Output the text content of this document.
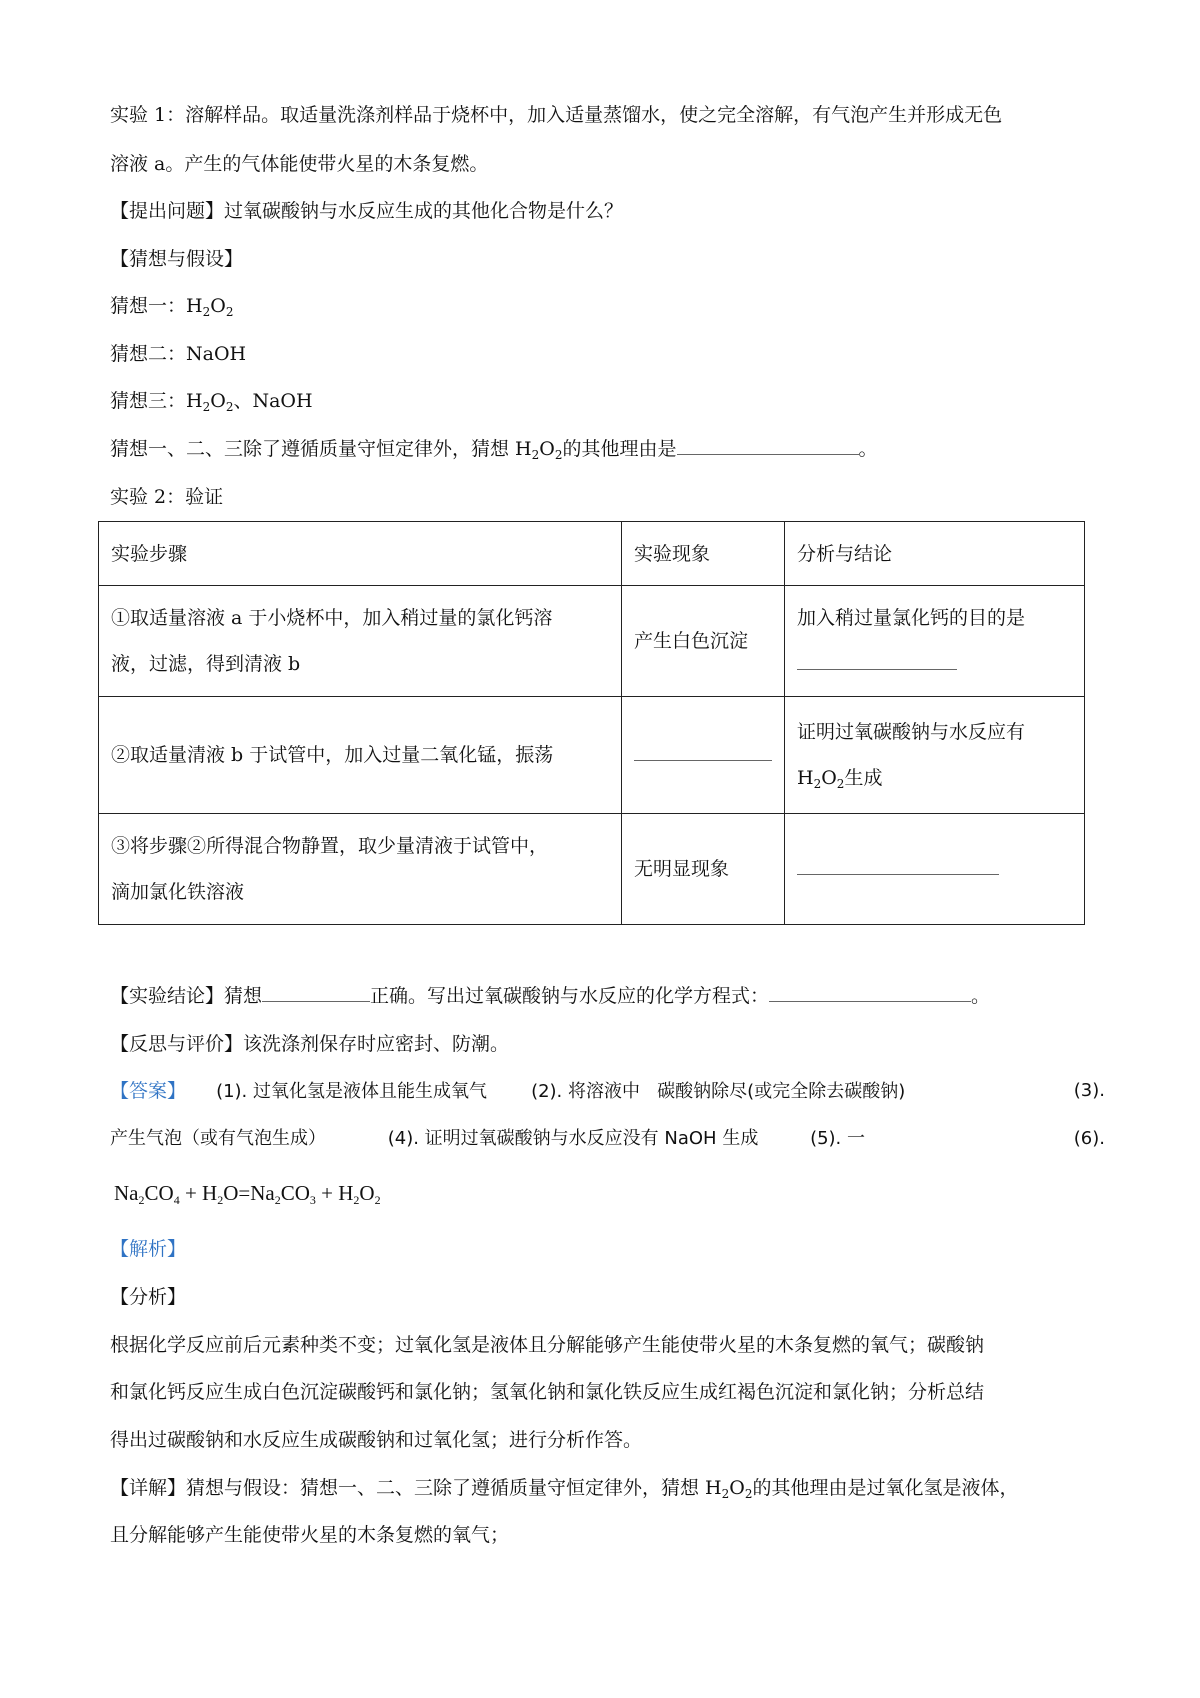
实验 1：溶解样品。取适量洗涤剂样品于烧杯中，加入适量蒸馏水，使之完全溶解，有气泡产生并形成无色
溶液 a。产生的气体能使带火星的木条复燃。
【提出问题】过氧碳酸钠与水反应生成的其他化合物是什么？
【猜想与假设】
猜想一：$H_2O_2$
猜想二：NaOH
猜想三：$H_2O_2$、NaOH
猜想一、二、三除了遵循质量守恒定律外，猜想 $H_2O_2$的其他理由是	。
实验 2：验证
实验步骤	实验现象	分析与结论

①取适量溶液 a 于小烧杯中，加入稍过量的氯化钙溶
液，过滤，得到清液 b	产生白色沉淀	加入稍过量氯化钙的目的是

②取适量清液 b 于试管中，加入过量二氧化锰，振荡		证明过氧碳酸钠与水反应有
$H_2O_2$生成

③将步骤②所得混合物静置，取少量清液于试管中，
滴加氯化铁溶液	无明显现象	
【实验结论】猜想	正确。写出过氧碳酸钠与水反应的化学方程式：	。
【反思与评价】该洗涤剂保存时应密封、防潮。
【答案】 (1). 过氧化氢是液体且能生成氧气 (2). 将溶液中   碳酸钠除尽(或完全除去碳酸钠)	(3).
产生气泡（或有气泡生成）	(4). 证明过氧碳酸钠与水反应没有 NaOH 生成	(5). 一	(6).
$Na_2CO_4 + H_2O=Na_2CO_3 + H_2O_2$
【解析】
【分析】
根据化学反应前后元素种类不变；过氧化氢是液体且分解能够产生能使带火星的木条复燃的氧气；碳酸钠
和氯化钙反应生成白色沉淀碳酸钙和氯化钠；氢氧化钠和氯化铁反应生成红褐色沉淀和氯化钠；分析总结
得出过碳酸钠和水反应生成碳酸钠和过氧化氢；进行分析作答。
【详解】猜想与假设：猜想一、二、三除了遵循质量守恒定律外，猜想 $H_2O_2$的其他理由是过氧化氢是液体，
且分解能够产生能使带火星的木条复燃的氧气；
